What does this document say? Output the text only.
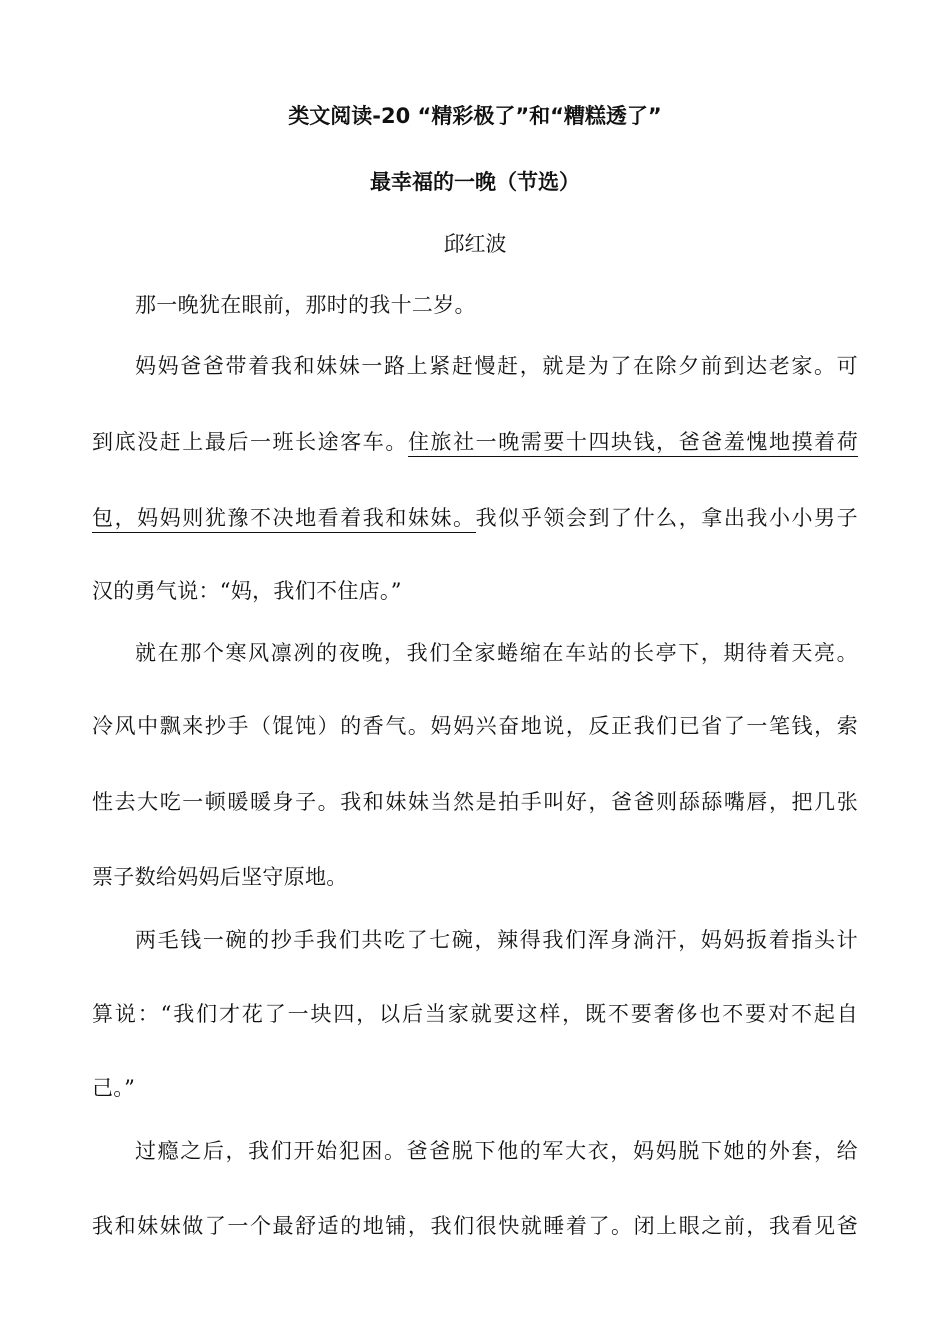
类文阅读-20 “精彩极了”和“糟糕透了”
最幸福的一晚（节选）
邱红波
那一晚犹在眼前，那时的我十二岁。
妈妈爸爸带着我和妹妹一路上紧赶慢赶，就是为了在除夕前到达老家。可
到底没赶上最后一班长途客车。住旅社一晚需要十四块钱，爸爸羞愧地摸着荷
包，妈妈则犹豫不决地看着我和妹妹。我似乎领会到了什么，拿出我小小男子
汉的勇气说：“妈，我们不住店。”
就在那个寒风凛冽的夜晚，我们全家蜷缩在车站的长亭下，期待着天亮。
冷风中飘来抄手（馄饨）的香气。妈妈兴奋地说，反正我们已省了一笔钱，索
性去大吃一顿暖暖身子。我和妹妹当然是拍手叫好，爸爸则舔舔嘴唇，把几张
票子数给妈妈后坚守原地。
两毛钱一碗的抄手我们共吃了七碗，辣得我们浑身淌汗，妈妈扳着指头计
算说：“我们才花了一块四，以后当家就要这样，既不要奢侈也不要对不起自
己。”
过瘾之后，我们开始犯困。爸爸脱下他的军大衣，妈妈脱下她的外套，给
我和妹妹做了一个最舒适的地铺，我们很快就睡着了。闭上眼之前，我看见爸
